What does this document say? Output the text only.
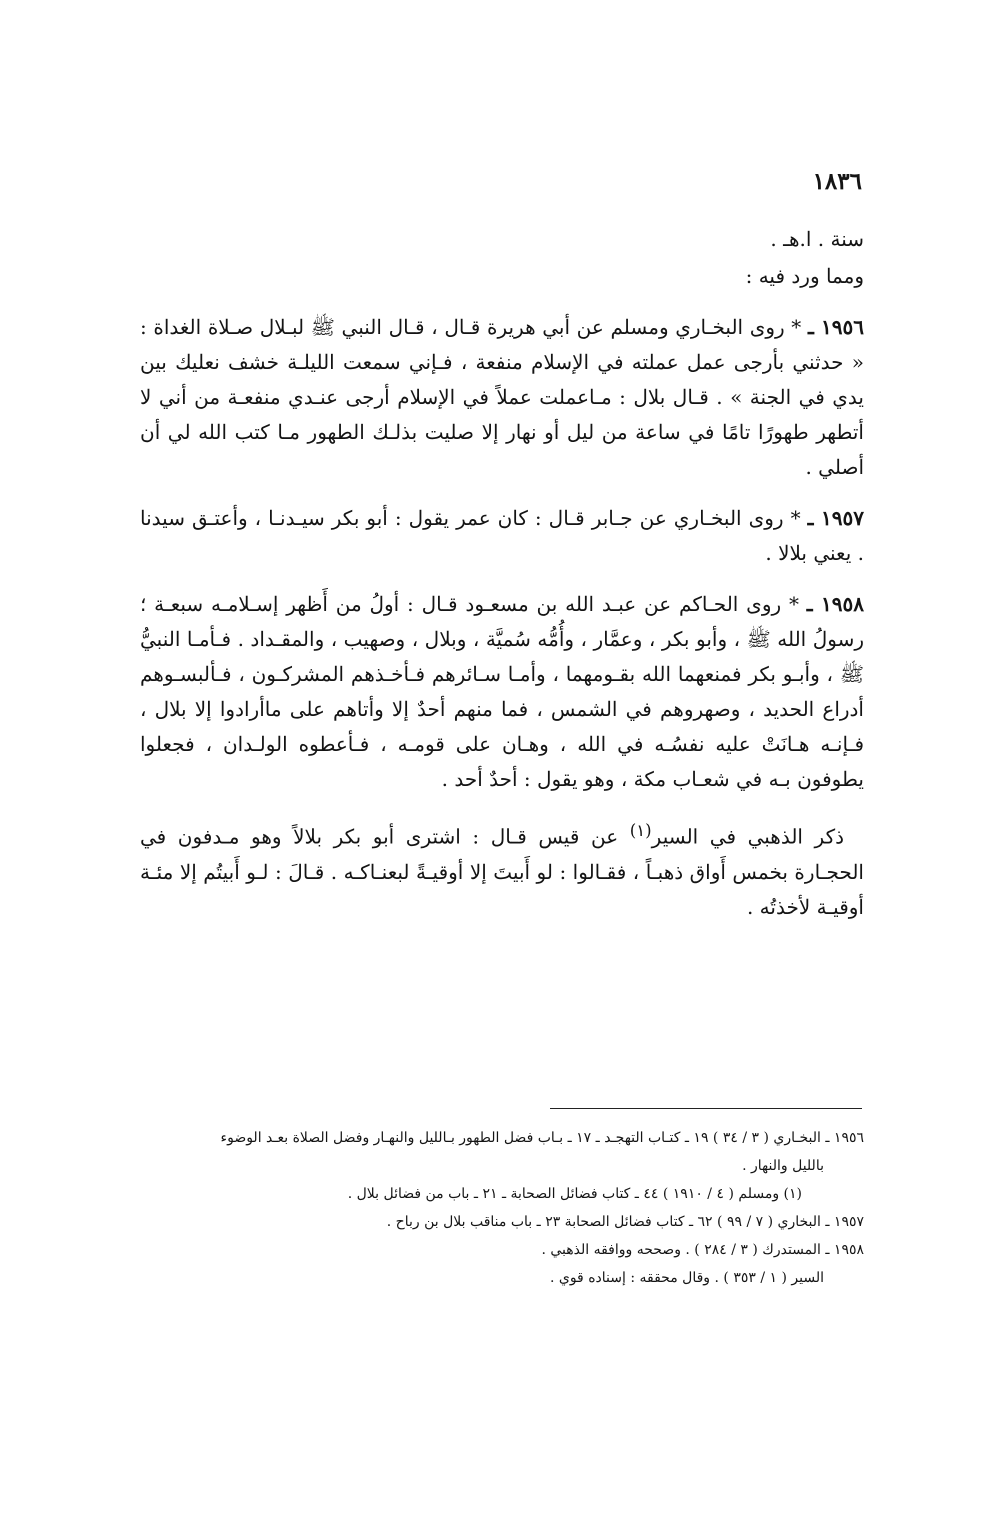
١٨٣٦

سنة . ا.هـ .

ومما ورد فيه :

١٩٥٦ ـ * روى البخـاري ومسلم عن أبي هريرة قـال ، قـال النبي ﷺ لبـلال صـلاة الغداة : « حدثني بأرجى عمل عملته في الإسلام منفعة ، فـإني سمعت الليلـة خشف نعليك بين يدي في الجنة » . قـال بلال : مـاعملت عملاً في الإسلام أرجى عنـدي منفعـة من أني لا أتطهر طهورًا تامًا في ساعة من ليل أو نهار إلا صليت بذلـك الطهور مـا كتب الله لي أن أصلي .

١٩٥٧ ـ * روى البخـاري عن جـابر قـال : كان عمر يقول : أبو بكر سيـدنـا ، وأعتـق سيدنا . يعني بلالا .

١٩٥٨ ـ * روى الحـاكم عن عبـد الله بن مسعـود قـال : أولُ من أَظهر إسـلامـه سبعـة ؛ رسولُ الله ﷺ ، وأبو بكر ، وعمَّار ، وأُمُّه سُميَّة ، وبلال ، وصهيب ، والمقـداد . فـأمـا النبيُّ ﷺ ، وأبـو بكر فمنعهما الله بقـومهما ، وأمـا سـائرهم فـأخـذهم المشركـون ، فـألبسـوهم أدراع الحديد ، وصهروهم في الشمس ، فما منهم أحدٌ إلا وأتاهم على ماأرادوا إلا بلال ، فـإنـه هـانَتْ عليه نفسُـه في الله ، وهـان على قومـه ، فـأعطوه الولـدان ، فجعلوا يطوفون بـه في شعـاب مكة ، وهو يقول : أحدٌ أحد .

 ذكر الذهبي في السير$^{(١)}$ عن قيس قـال : اشترى أبو بكر بلالاً وهو مـدفون في الحجـارة بخمس أَواق ذهبـاً ، فقـالوا : لو أَبيتَ إلا أوقيـةً لبعنـاكـه . قـالَ : لـو أَبيتُم إلا مئـة أوقيـة لأخذتُه .

١٩٥٦ ـ البخـاري ( ٣ / ٣٤ ) ١٩ ـ كتـاب التهجـد ـ ١٧ ـ بـاب فضل الطهور بـالليل والنهـار وفضل الصلاة بعـد الوضوء

بالليل والنهار .

(١) ومسلم ( ٤ / ١٩١٠ ) ٤٤ ـ كتاب فضائل الصحابة ـ ٢١ ـ باب من فضائل بلال .

١٩٥٧ ـ البخاري ( ٧ / ٩٩ ) ٦٢ ـ كتاب فضائل الصحابة ٢٣ ـ باب مناقب بلال بن رباح .

١٩٥٨ ـ المستدرك ( ٣ / ٢٨٤ ) . وصححه ووافقه الذهبي .

السير ( ١ / ٣٥٣ ) . وقال محققه : إسناده قوي .
